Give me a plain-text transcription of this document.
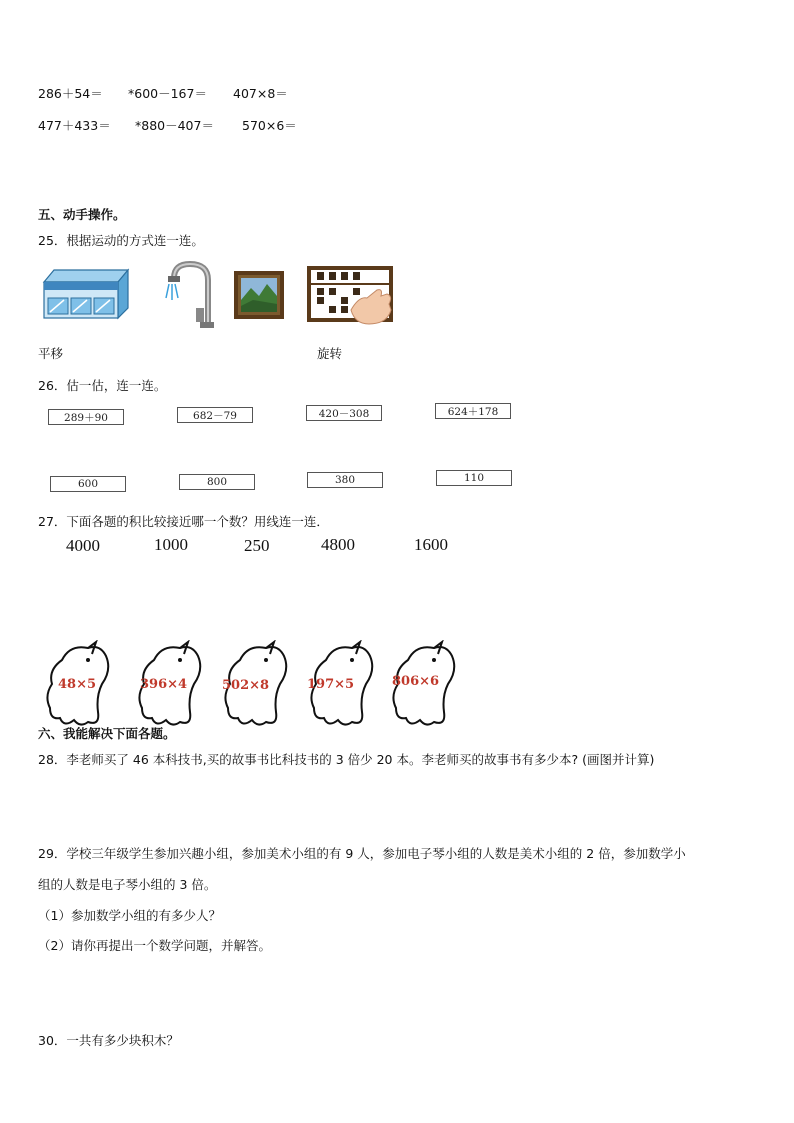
286＋54＝ *600－167＝ 407×8＝
477＋433＝ *880－407＝ 570×6＝
五、动手操作。
25．根据运动的方式连一连。
平移	旋转
26．估一估，连一连。
289＋90	682－79	420－308	624＋178
600	800	380	110
27．下面各题的积比较接近哪一个数？用线连一连．
4000	1000	250	4800	1600
48×5	396×4	502×8	197×5	806×6
六、我能解决下面各题。
28．李老师买了 46 本科技书,买的故事书比科技书的 3 倍少 20 本。李老师买的故事书有多少本? (画图并计算)
29．学校三年级学生参加兴趣小组，参加美术小组的有 9 人，参加电子琴小组的人数是美术小组的 2 倍，参加数学小
组的人数是电子琴小组的 3 倍。
（1）参加数学小组的有多少人？
（2）请你再提出一个数学问题，并解答。
30．一共有多少块积木？
